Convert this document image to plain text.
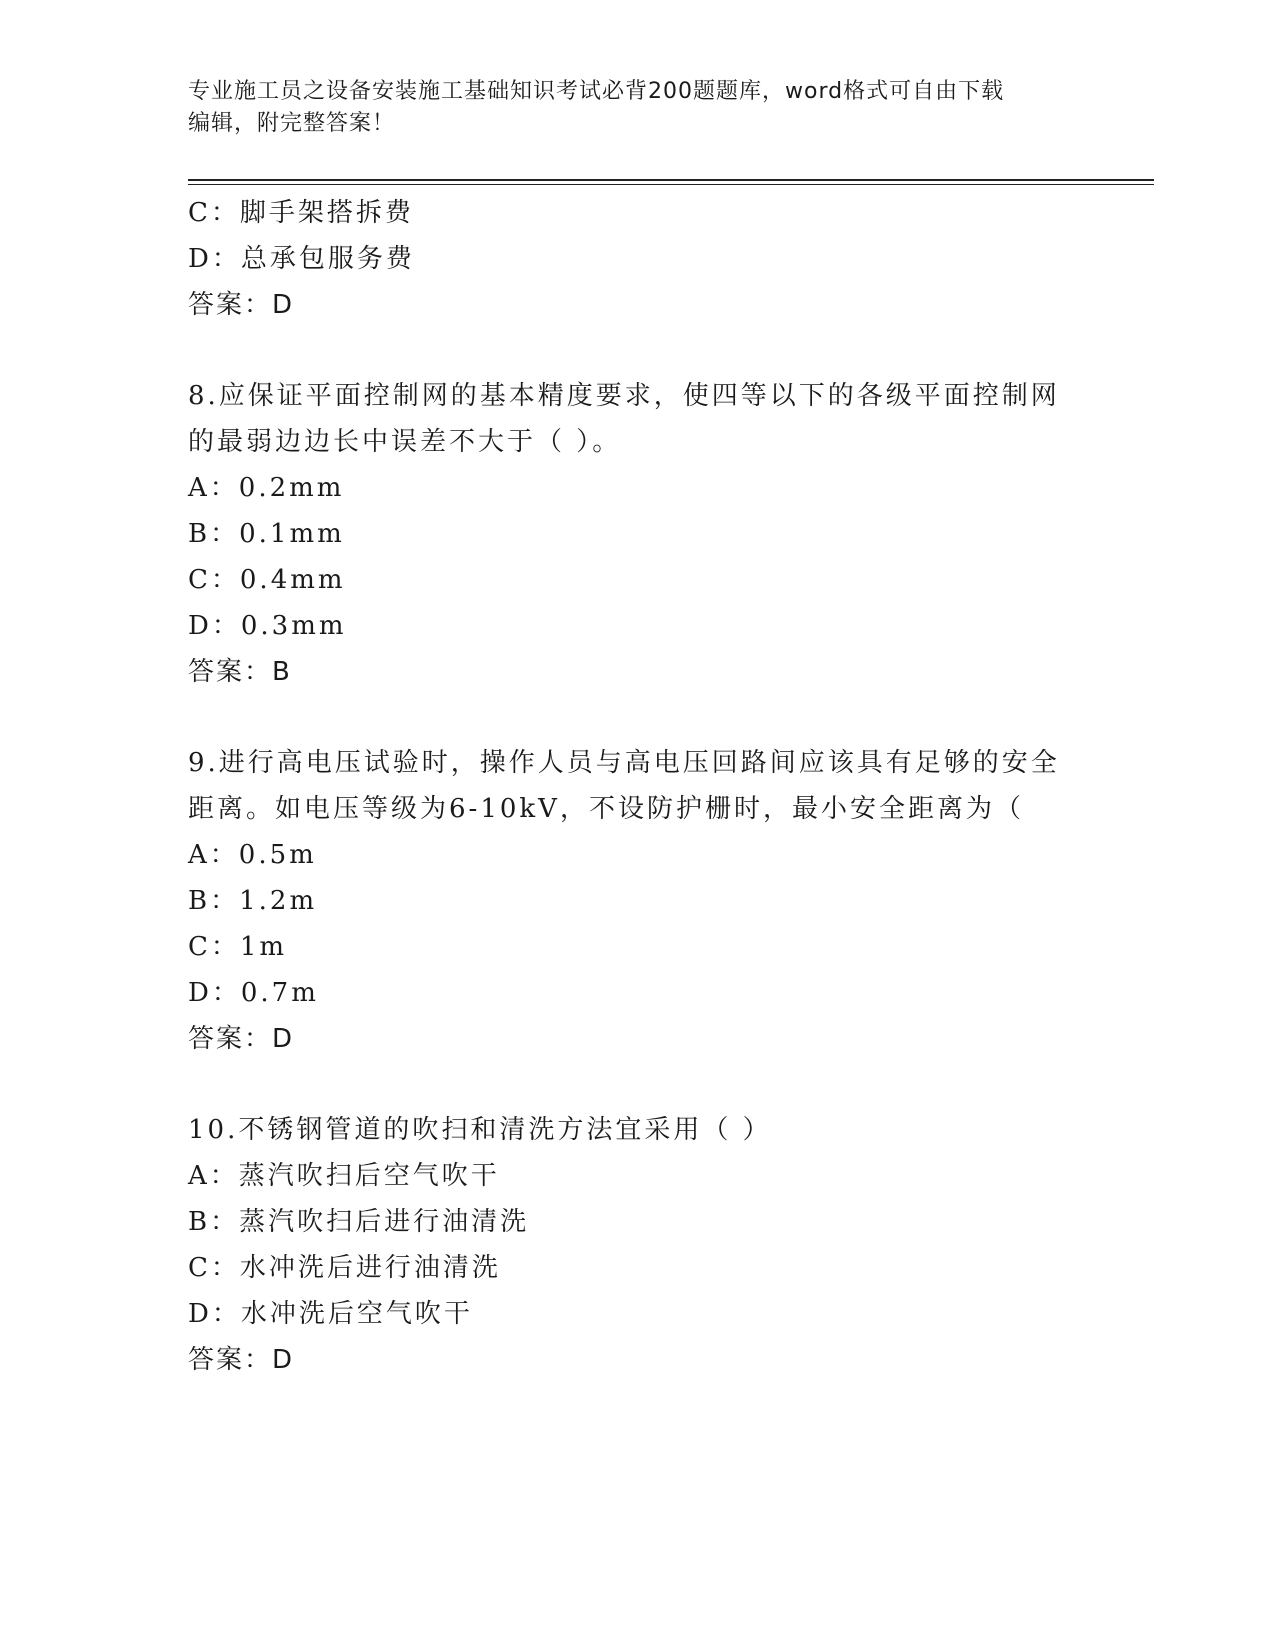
专业施工员之设备安装施工基础知识考试必背200题题库，word格式可自由下载
编辑，附完整答案！
C：脚手架搭拆费
D：总承包服务费
答案：D
8.应保证平面控制网的基本精度要求，使四等以下的各级平面控制网
的最弱边边长中误差不大于（ ）。
A：0.2mm
B：0.1mm
C：0.4mm
D：0.3mm
答案：B
9.进行高电压试验时，操作人员与高电压回路间应该具有足够的安全
距离。如电压等级为6-10kV，不设防护栅时，最小安全距离为（
A：0.5m
B：1.2m
C：1m
D：0.7m
答案：D
10.不锈钢管道的吹扫和清洗方法宜采用（ ）
A：蒸汽吹扫后空气吹干
B：蒸汽吹扫后进行油清洗
C：水冲洗后进行油清洗
D：水冲洗后空气吹干
答案：D
